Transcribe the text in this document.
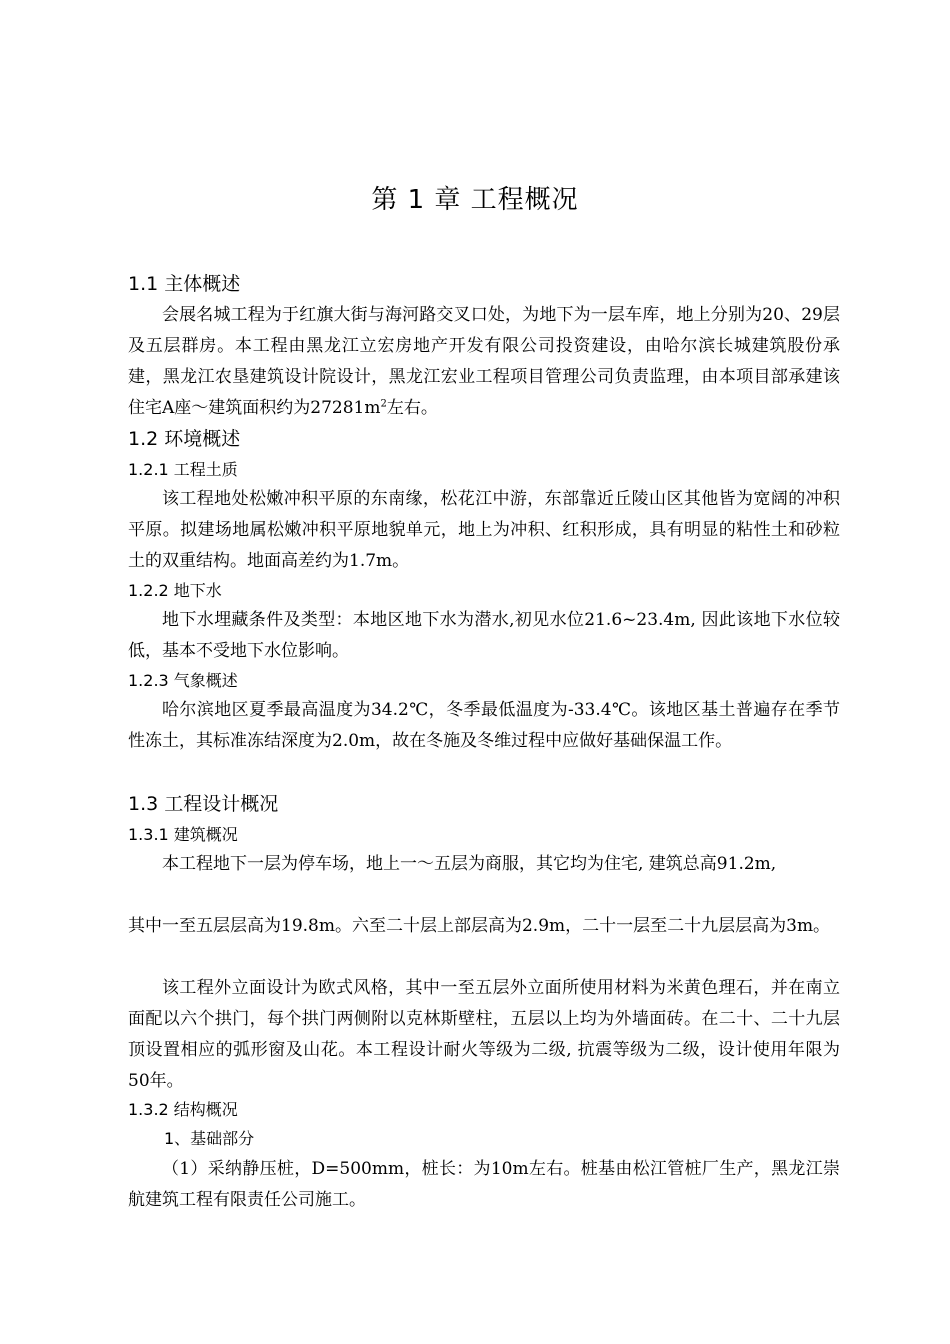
第 1 章 工程概况
1.1 主体概述

会展名城工程为于红旗大街与海河路交叉口处，为地下为一层车库，地上分别为20、29层及五层群房。本工程由黑龙江立宏房地产开发有限公司投资建设，由哈尔滨长城建筑股份承建，黑龙江农垦建筑设计院设计，黑龙江宏业工程项目管理公司负责监理，由本项目部承建该住宅A座～建筑面积约为$27281m^2$左右。

1.2 环境概述
1.2.1 工程土质

该工程地处松嫩冲积平原的东南缘，松花江中游，东部靠近丘陵山区其他皆为宽阔的冲积平原。拟建场地属松嫩冲积平原地貌单元，地上为冲积、红积形成，具有明显的粘性土和砂粒土的双重结构。地面高差约为1.7m。

1.2.2 地下水

地下水埋藏条件及类型：本地区地下水为潜水,初见水位21.6~23.4m, 因此该地下水位较低，基本不受地下水位影响。

1.2.3 气象概述

哈尔滨地区夏季最高温度为34.2℃，冬季最低温度为-33.4℃。该地区基土普遍存在季节性冻土，其标准冻结深度为2.0m，故在冬施及冬维过程中应做好基础保温工作。

1.3 工程设计概况
1.3.1 建筑概况

本工程地下一层为停车场，地上一～五层为商服，其它均为住宅, 建筑总高91.2m,

其中一至五层层高为19.8m。六至二十层上部层高为2.9m，二十一层至二十九层层高为3m。

该工程外立面设计为欧式风格，其中一至五层外立面所使用材料为米黄色理石，并在南立面配以六个拱门，每个拱门两侧附以克林斯壁柱，五层以上均为外墙面砖。在二十、二十九层顶设置相应的弧形窗及山花。本工程设计耐火等级为二级, 抗震等级为二级，设计使用年限为50年。

1.3.2 结构概况
1、基础部分

（1）采纳静压桩，D=500mm，桩长：为10m左右。桩基由松江管桩厂生产，黑龙江崇航建筑工程有限责任公司施工。
